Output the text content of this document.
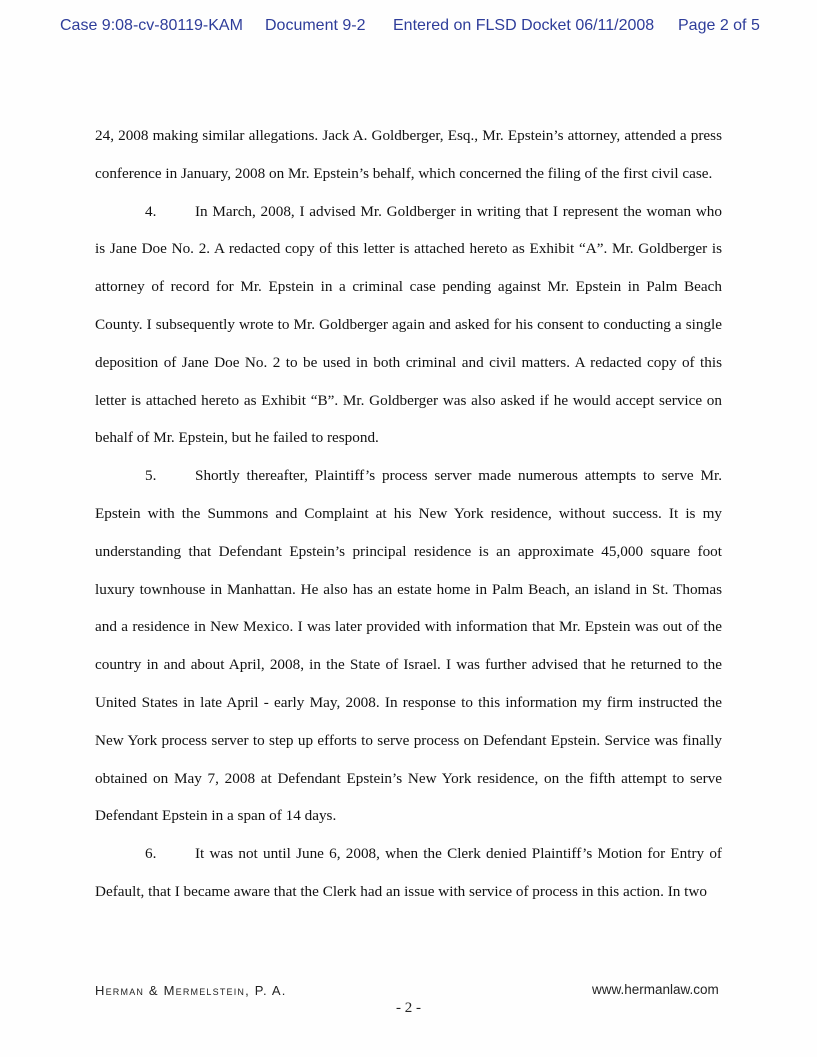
Case 9:08-cv-80119-KAM Document 9-2 Entered on FLSD Docket 06/11/2008 Page 2 of 5

24, 2008 making similar allegations. Jack A. Goldberger, Esq., Mr. Epstein’s attorney, attended a press conference in January, 2008 on Mr. Epstein’s behalf, which concerned the filing of the first civil case.

4.	In March, 2008, I advised Mr. Goldberger in writing that I represent the woman who is Jane Doe No. 2. A redacted copy of this letter is attached hereto as Exhibit “A”. Mr. Goldberger is attorney of record for Mr. Epstein in a criminal case pending against Mr. Epstein in Palm Beach County. I subsequently wrote to Mr. Goldberger again and asked for his consent to conducting a single deposition of Jane Doe No. 2 to be used in both criminal and civil matters. A redacted copy of this letter is attached hereto as Exhibit “B”. Mr. Goldberger was also asked if he would accept service on behalf of Mr. Epstein, but he failed to respond.

5.	Shortly thereafter, Plaintiff’s process server made numerous attempts to serve Mr. Epstein with the Summons and Complaint at his New York residence, without success. It is my understanding that Defendant Epstein’s principal residence is an approximate 45,000 square foot luxury townhouse in Manhattan. He also has an estate home in Palm Beach, an island in St. Thomas and a residence in New Mexico. I was later provided with information that Mr. Epstein was out of the country in and about April, 2008, in the State of Israel. I was further advised that he returned to the United States in late April - early May, 2008. In response to this information my firm instructed the New York process server to step up efforts to serve process on Defendant Epstein. Service was finally obtained on May 7, 2008 at Defendant Epstein’s New York residence, on the fifth attempt to serve Defendant Epstein in a span of 14 days.

6.	It was not until June 6, 2008, when the Clerk denied Plaintiff’s Motion for Entry of Default, that I became aware that the Clerk had an issue with service of process in this action. In two

Herman & Mermelstein, P. A.	www.hermanlaw.com
- 2 -
